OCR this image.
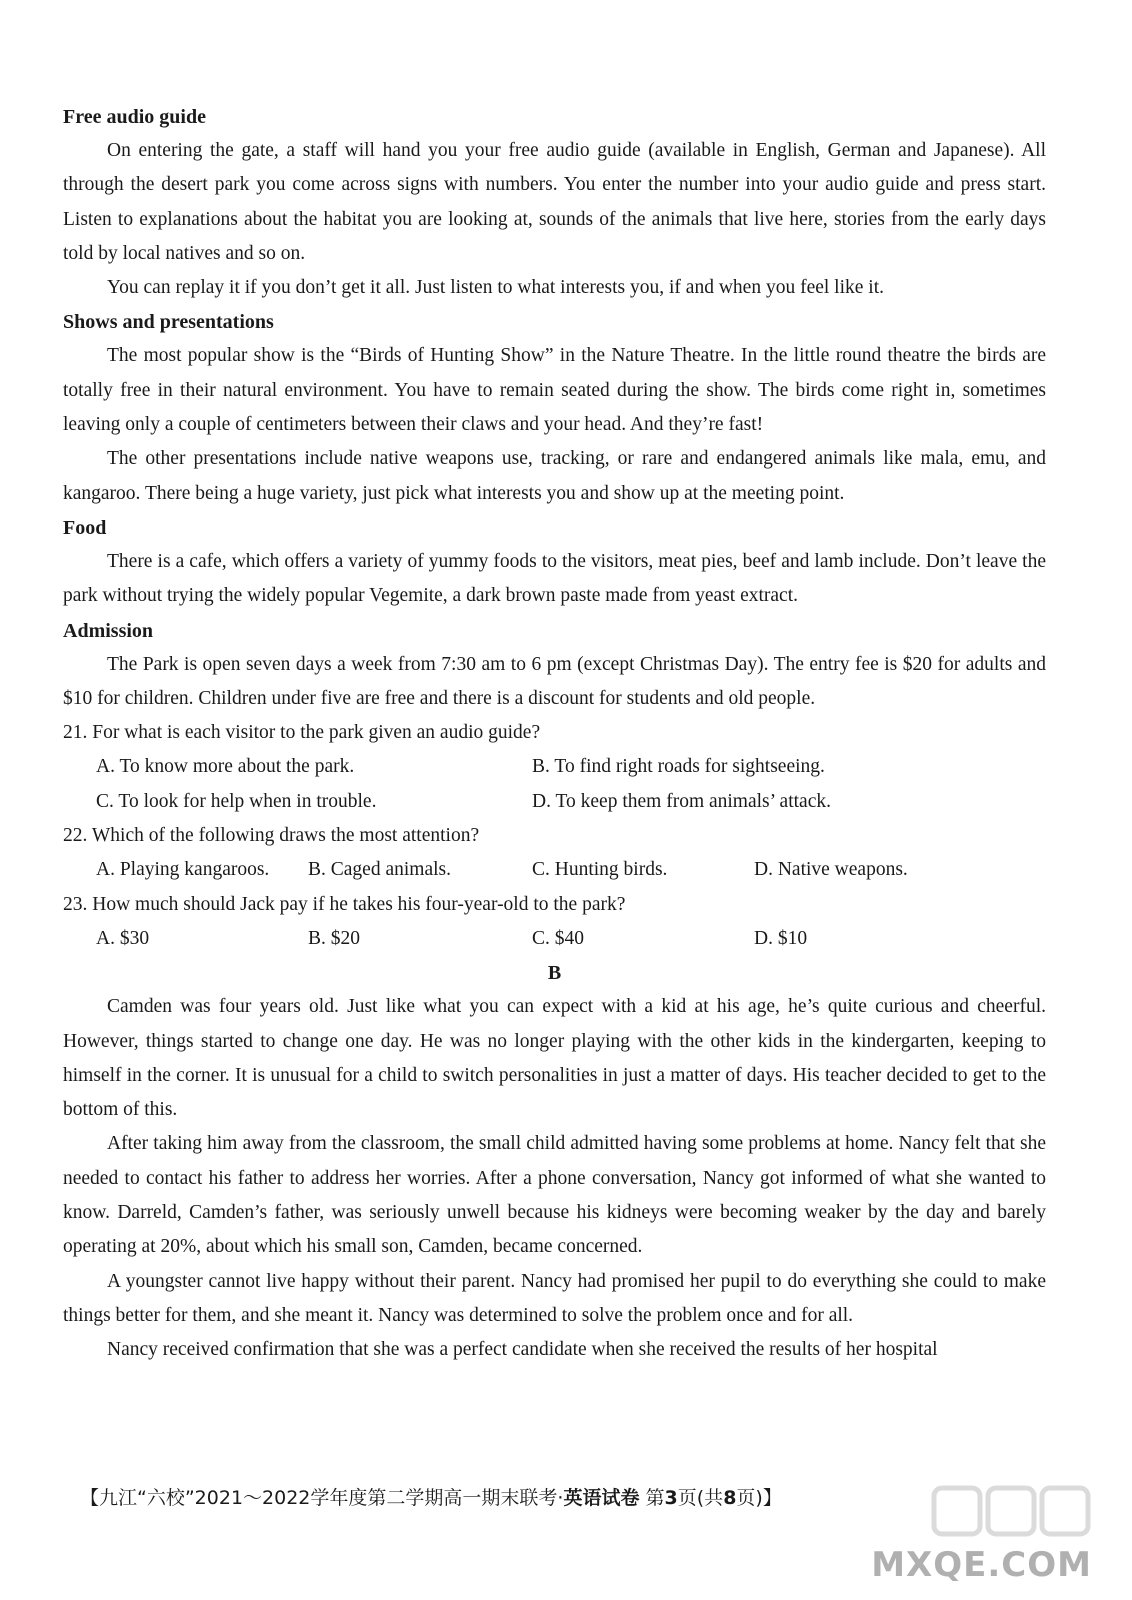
Free audio guide

On entering the gate, a staff will hand you your free audio guide (available in English, German and Japanese). All through the desert park you come across signs with numbers. You enter the number into your audio guide and press start. Listen to explanations about the habitat you are looking at, sounds of the animals that live here, stories from the early days told by local natives and so on.

You can replay it if you don’t get it all. Just listen to what interests you, if and when you feel like it.

Shows and presentations

The most popular show is the “Birds of Hunting Show” in the Nature Theatre. In the little round theatre the birds are totally free in their natural environment. You have to remain seated during the show. The birds come right in, sometimes leaving only a couple of centimeters between their claws and your head. And they’re fast!

The other presentations include native weapons use, tracking, or rare and endangered animals like mala, emu, and kangaroo. There being a huge variety, just pick what interests you and show up at the meeting point.

Food

There is a cafe, which offers a variety of yummy foods to the visitors, meat pies, beef and lamb include. Don’t leave the park without trying the widely popular Vegemite, a dark brown paste made from yeast extract.

Admission

The Park is open seven days a week from 7:30 am to 6 pm (except Christmas Day). The entry fee is $20 for adults and $10 for children. Children under five are free and there is a discount for students and old people.

21. For what is each visitor to the park given an audio guide?

A. To know more about the park.	B. To find right roads for sightseeing.
C. To look for help when in trouble.	D. To keep them from animals’ attack.

22. Which of the following draws the most attention?

A. Playing kangaroos.	B. Caged animals.	C. Hunting birds.	D. Native weapons.

23. How much should Jack pay if he takes his four-year-old to the park?

A. $30	B. $20	C. $40	D. $10

B

Camden was four years old. Just like what you can expect with a kid at his age, he’s quite curious and cheerful. However, things started to change one day. He was no longer playing with the other kids in the kindergarten, keeping to himself in the corner. It is unusual for a child to switch personalities in just a matter of days. His teacher decided to get to the bottom of this.

After taking him away from the classroom, the small child admitted having some problems at home. Nancy felt that she needed to contact his father to address her worries. After a phone conversation, Nancy got informed of what she wanted to know. Darreld, Camden’s father, was seriously unwell because his kidneys were becoming weaker by the day and barely operating at 20%, about which his small son, Camden, became concerned.

A youngster cannot live happy without their parent. Nancy had promised her pupil to do everything she could to make things better for them, and she meant it. Nancy was determined to solve the problem once and for all.

Nancy received confirmation that she was a perfect candidate when she received the results of her hospital

【九江“六校”2021～2022学年度第二学期高一期末联考·英语试卷 第3页(共8页)】
MXQE.COM
